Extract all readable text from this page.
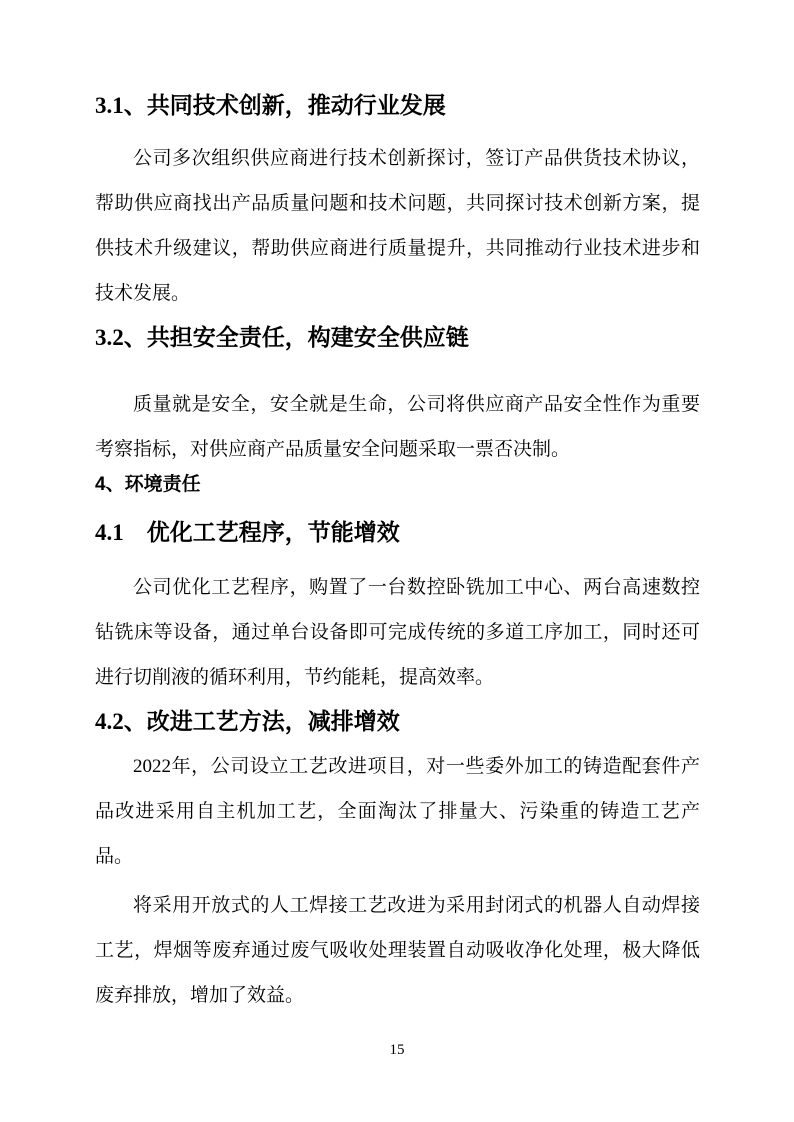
3.1、共同技术创新，推动行业发展

公司多次组织供应商进行技术创新探讨，签订产品供货技术协议，帮助供应商找出产品质量问题和技术问题，共同探讨技术创新方案，提供技术升级建议，帮助供应商进行质量提升，共同推动行业技术进步和技术发展。

3.2、共担安全责任，构建安全供应链

质量就是安全，安全就是生命，公司将供应商产品安全性作为重要考察指标，对供应商产品质量安全问题采取一票否决制。

4、环境责任
4.1　优化工艺程序，节能增效

公司优化工艺程序，购置了一台数控卧铣加工中心、两台高速数控钻铣床等设备，通过单台设备即可完成传统的多道工序加工，同时还可进行切削液的循环利用，节约能耗，提高效率。

4.2、改进工艺方法，减排增效

2022年，公司设立工艺改进项目，对一些委外加工的铸造配套件产品改进采用自主机加工艺，全面淘汰了排量大、污染重的铸造工艺产品。

将采用开放式的人工焊接工艺改进为采用封闭式的机器人自动焊接工艺，焊烟等废弃通过废气吸收处理装置自动吸收净化处理，极大降低废弃排放，增加了效益。

15
